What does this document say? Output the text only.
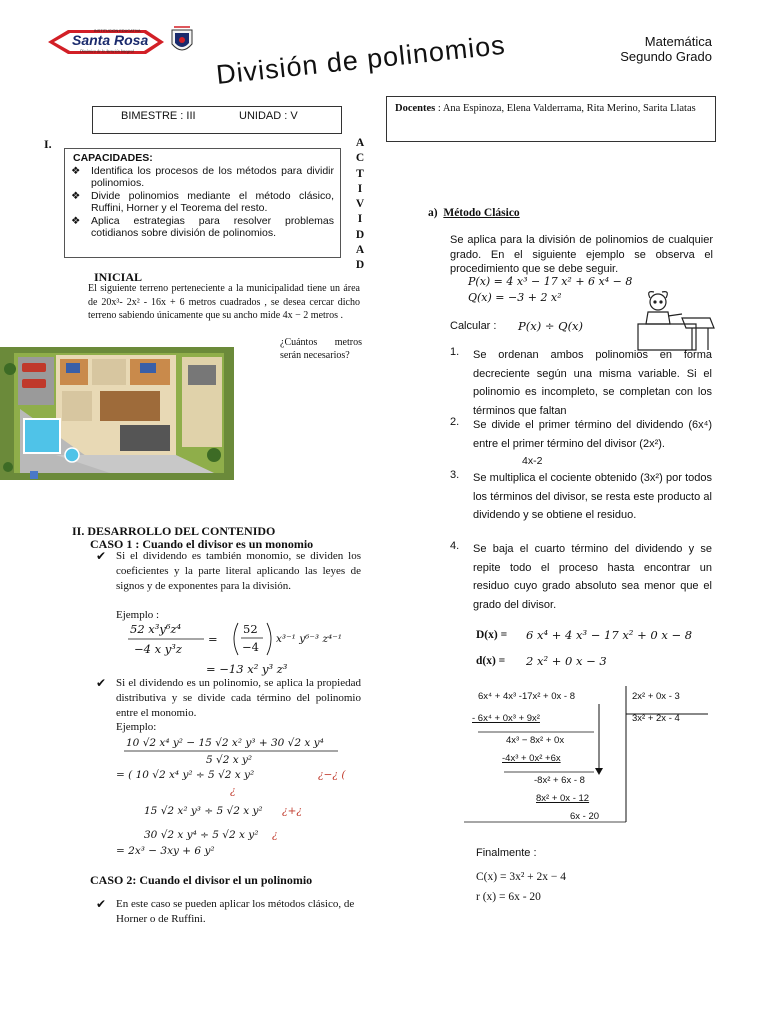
INSTITUCION EDUCATIVA
Santa Rosa
Dinámica de la Atención Integral
Matemática
Segundo Grado
División de polinomios
BIMESTRE : III	UNIDAD : V
Docentes : Ana Espinoza, Elena Valderrama, Rita Merino, Sarita Llatas
I.
CAPACIDADES:
❖ Identifica los procesos de los métodos para dividir polinomios.
❖ Divide polinomios mediante el método clásico, Ruffini, Horner y el Teorema del resto.
❖ Aplica estrategias para resolver problemas cotidianos sobre división de polinomios.
A
C
T
I
V
I
D
A
D
INICIAL
El siguiente terreno perteneciente a la municipalidad tiene un área de 20x³- 2x² - 16x + 6 metros cuadrados , se desea cercar dicho terreno sabiendo únicamente que su ancho mide 4x − 2 metros .
¿Cuántos metros serán necesarios?
II. DESARROLLO DEL CONTENIDO
CASO 1 : Cuando el divisor es un monomio
✔ Si el dividendo es también monomio, se dividen los coeficientes y la parte literal aplicando las leyes de signos y de exponentes para la división.
Ejemplo :
52 x³y⁶z⁴
−4 x y³z
=
52
−4
x³⁻¹ y⁶⁻³ z⁴⁻¹
= −13 x² y³ z³
✔ Si el dividendo es un polinomio, se aplica la propiedad distributiva y se divide cada término del polinomio entre el monomio.
Ejemplo:
10 √2 x⁴ y² − 15 √2 x² y³ + 30 √2 x y⁴
5 √2 x y²
= ( 10 √2 x⁴ y² ÷ 5 √2 x y²	¿−¿ (
¿
15 √2 x² y³ ÷ 5 √2 x y² ¿+¿
30 √2 x y⁴ ÷ 5 √2 x y² ¿
= 2x³ − 3xy + 6 y²
CASO 2: Cuando el divisor el un polinomio
✔ En este caso se pueden aplicar los métodos clásico, de Horner o de Ruffini.
a) Método Clásico
Se aplica para la división de polinomios de cualquier grado. En el siguiente ejemplo se observa el procedimiento que se debe seguir.
P(x) = 4 x³ − 17 x² + 6 x⁴ − 8
Q(x) = −3 + 2 x²
Calcular : P(x) ÷ Q(x)
1. Se ordenan ambos polinomios en forma decreciente según una misma variable. Si el polinomio es incompleto, se completan con los términos que faltan
2. Se divide el primer término del dividendo (6x⁴) entre el primer término del divisor (2x²).
4x-2
3. Se multiplica el cociente obtenido (3x²) por todos los términos del divisor, se resta este producto al dividendo y se obtiene el residuo.
4. Se baja el cuarto término del dividendo y se repite todo el proceso hasta encontrar un residuo cuyo grado absoluto sea menor que el grado del divisor.
D(x) = 6 x⁴ + 4 x³ − 17 x² + 0 x − 8
d(x) = 2 x² + 0 x − 3
6x⁴ + 4x³ -17x² + 0x - 8	2x² + 0x - 3
3x² + 2x - 4
- 6x⁴ + 0x³ + 9x²
4x³ − 8x² + 0x
-4x³ + 0x² +6x
-8x² + 6x - 8
8x² + 0x - 12
6x - 20
Finalmente :
C(x) = 3x² + 2x − 4
r (x) = 6x - 20
